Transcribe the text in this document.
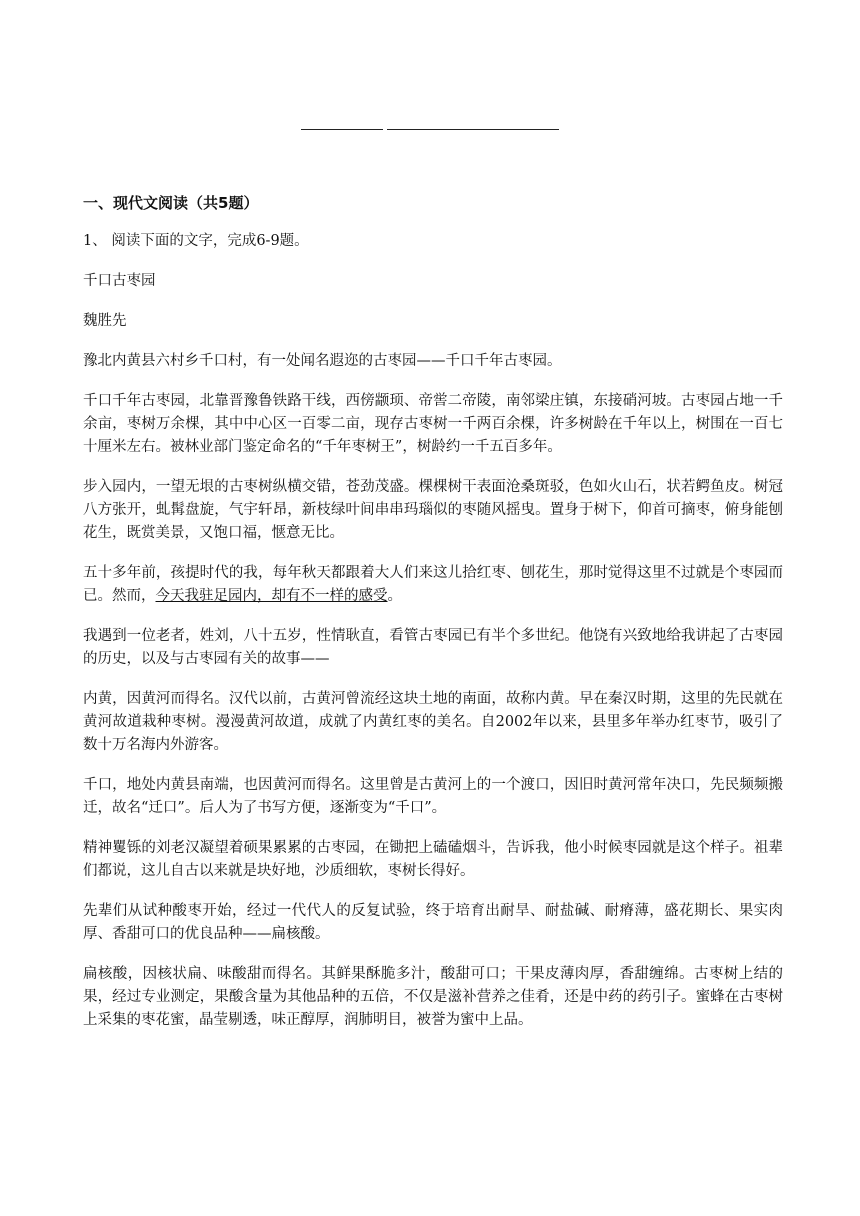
一、现代文阅读（共5题）
1、 阅读下面的文字，完成6-9题。
千口古枣园
魏胜先
豫北内黄县六村乡千口村，有一处闻名遐迩的古枣园——千口千年古枣园。
千口千年古枣园，北靠晋豫鲁铁路干线，西傍颛顼、帝喾二帝陵，南邻梁庄镇，东接硝河坡。古枣园占地一千余亩，枣树万余棵，其中中心区一百零二亩，现存古枣树一千两百余棵，许多树龄在千年以上，树围在一百七十厘米左右。被林业部门鉴定命名的“千年枣树王”，树龄约一千五百多年。
步入园内，一望无垠的古枣树纵横交错，苍劲茂盛。棵棵树干表面沧桑斑驳，色如火山石，状若鳄鱼皮。树冠八方张开，虬髯盘旋，气宇轩昂，新枝绿叶间串串玛瑙似的枣随风摇曳。置身于树下，仰首可摘枣，俯身能刨花生，既赏美景，又饱口福，惬意无比。
五十多年前，孩提时代的我，每年秋天都跟着大人们来这儿拾红枣、刨花生，那时觉得这里不过就是个枣园而已。然而，今天我驻足园内，却有不一样的感受。
我遇到一位老者，姓刘，八十五岁，性情耿直，看管古枣园已有半个多世纪。他饶有兴致地给我讲起了古枣园的历史，以及与古枣园有关的故事——
内黄，因黄河而得名。汉代以前，古黄河曾流经这块土地的南面，故称内黄。早在秦汉时期，这里的先民就在黄河故道栽种枣树。漫漫黄河故道，成就了内黄红枣的美名。自2002年以来，县里多年举办红枣节，吸引了数十万名海内外游客。
千口，地处内黄县南端，也因黄河而得名。这里曾是古黄河上的一个渡口，因旧时黄河常年决口，先民频频搬迁，故名“迁口”。后人为了书写方便，逐渐变为“千口”。
精神矍铄的刘老汉凝望着硕果累累的古枣园，在锄把上磕磕烟斗，告诉我，他小时候枣园就是这个样子。祖辈们都说，这儿自古以来就是块好地，沙质细软，枣树长得好。
先辈们从试种酸枣开始，经过一代代人的反复试验，终于培育出耐旱、耐盐碱、耐瘠薄，盛花期长、果实肉厚、香甜可口的优良品种——扁核酸。
扁核酸，因核状扁、味酸甜而得名。其鲜果酥脆多汁，酸甜可口；干果皮薄肉厚，香甜缠绵。古枣树上结的果，经过专业测定，果酸含量为其他品种的五倍，不仅是滋补营养之佳肴，还是中药的药引子。蜜蜂在古枣树上采集的枣花蜜，晶莹剔透，味正醇厚，润肺明目，被誉为蜜中上品。
